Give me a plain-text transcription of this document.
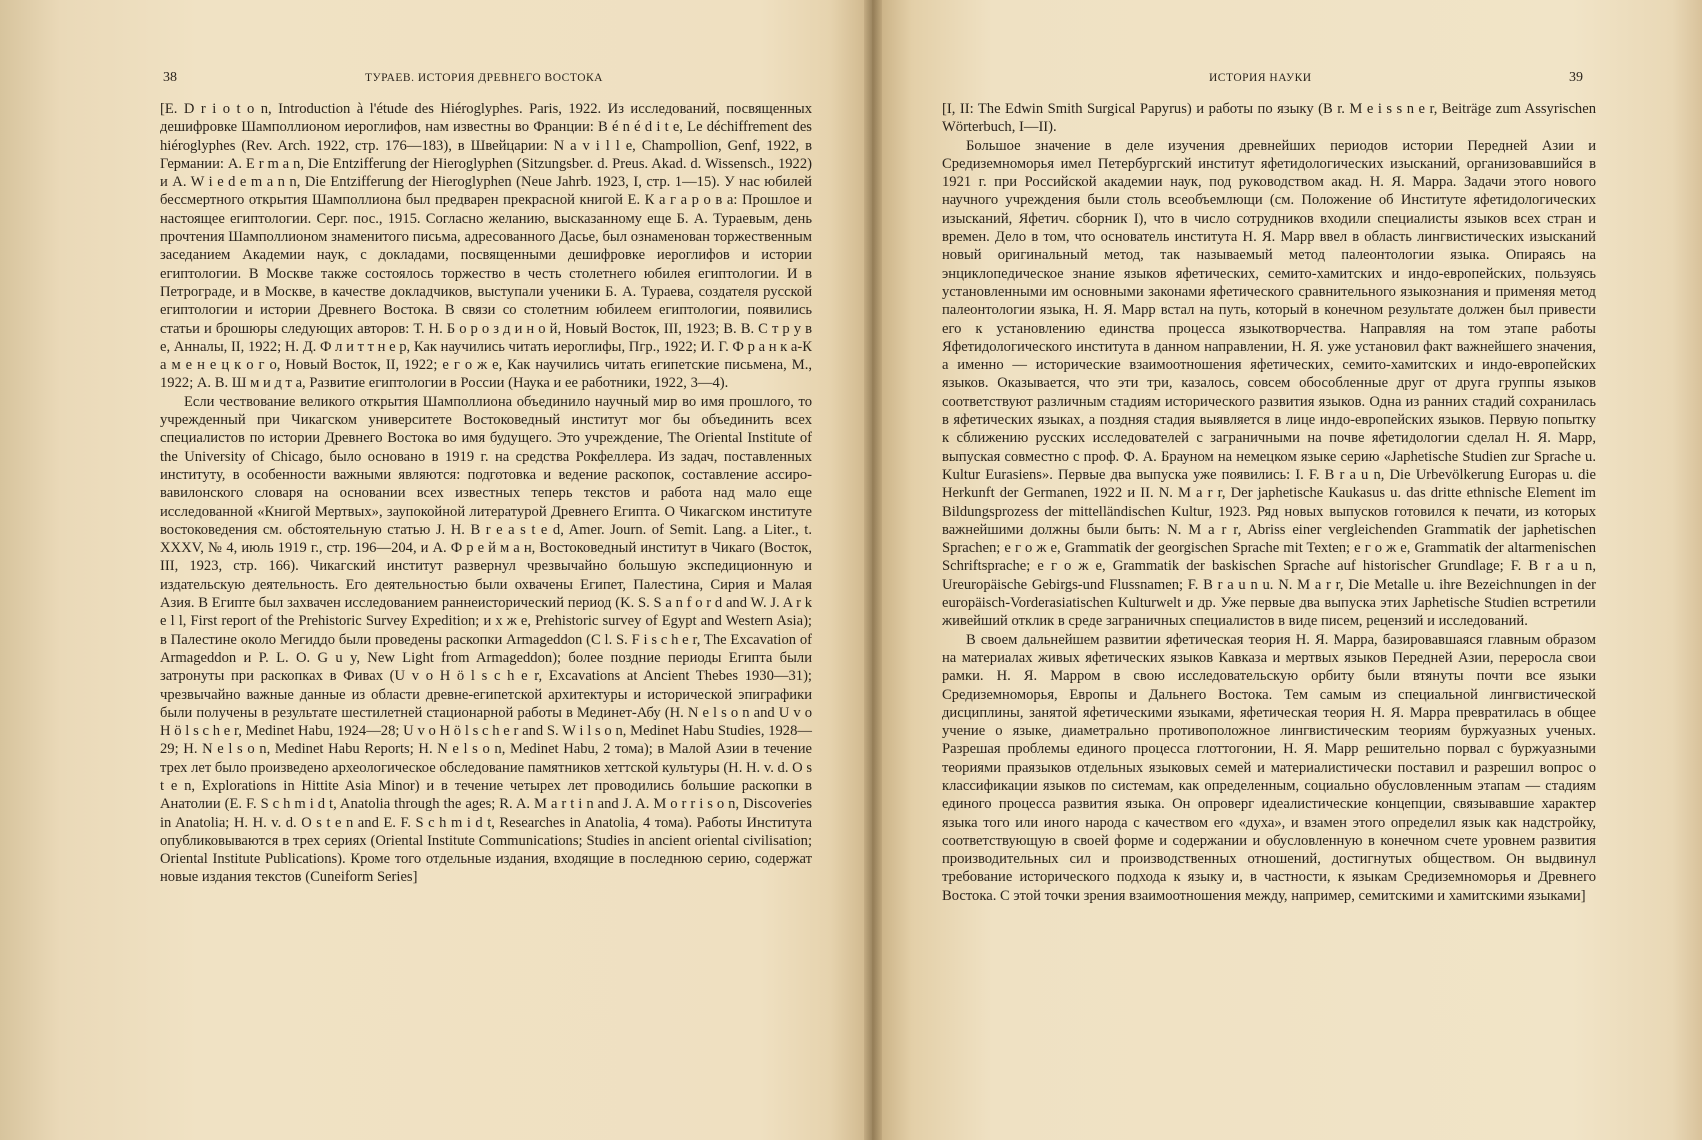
38	ТУРАЕВ. ИСТОРИЯ ДРЕВНЕГО ВОСТОКА

[E. D r i o t o n, Introduction à l'étude des Hiéroglyphes. Paris, 1922. Из исследований, посвященных дешифровке Шамполлионом иероглифов, нам известны во Франции: B é n é d i t e, Le déchiffrement des hiéroglyphes (Rev. Arch. 1922, стр. 176—183), в Швейцарии: N a v i l l e, Champollion, Genf, 1922, в Германии: A. E r m a n, Die Entzifferung der Hieroglyphen (Sitzungsber. d. Preus. Akad. d. Wissensch., 1922) и A. W i e d e m a n n, Die Entzifferung der Hieroglyphen (Neue Jahrb. 1923, I, стр. 1—15). У нас юбилей бессмертного открытия Шамполлиона был предварен прекрасной книгой Е. К а г а р о в а: Прошлое и настоящее египтологии. Серг. пос., 1915. Согласно желанию, высказанному еще Б. А. Тураевым, день прочтения Шамполлионом знаменитого письма, адресованного Дасье, был ознаменован торжественным заседанием Академии наук, с докладами, посвященными дешифровке иероглифов и истории египтологии. В Москве также состоялось торжество в честь столетнего юбилея египтологии. И в Петрограде, и в Москве, в качестве докладчиков, выступали ученики Б. А. Тураева, создателя русской египтологии и истории Древнего Востока. В связи со столетним юбилеем египтологии, появились статьи и брошюры следующих авторов: Т. Н. Б о р о з д и н о й, Новый Восток, III, 1923; В. В. С т р у в е, Анналы, II, 1922; Н. Д. Ф л и т т н е р, Как научились читать иероглифы, Пгр., 1922; И. Г. Ф р а н к а-К а м е н е ц к о г о, Новый Восток, II, 1922; е г о ж е, Как научились читать египетские письмена, М., 1922; А. В. Ш м и д т а, Развитие египтологии в России (Наука и ее работники, 1922, 3—4).

Если чествование великого открытия Шамполлиона объединило научный мир во имя прошлого, то учрежденный при Чикагском университете Востоковедный институт мог бы объединить всех специалистов по истории Древнего Востока во имя будущего. Это учреждение, The Oriental Institute of the University of Chicago, было основано в 1919 г. на средства Рокфеллера. Из задач, поставленных институту, в особенности важными являются: подготовка и ведение раскопок, составление ассиро-вавилонского словаря на основании всех известных теперь текстов и работа над мало еще исследованной «Книгой Мертвых», заупокойной литературой Древнего Египта. О Чикагском институте востоковедения см. обстоятельную статью J. H. B r e a s t e d, Amer. Journ. of Semit. Lang. a Liter., t. XXXV, № 4, июль 1919 г., стр. 196—204, и А. Ф р е й м а н, Востоковедный институт в Чикаго (Восток, III, 1923, стр. 166). Чикагский институт развернул чрезвычайно большую экспедиционную и издательскую деятельность. Его деятельностью были охвачены Египет, Палестина, Сирия и Малая Азия. В Египте был захвачен исследованием раннеисторический период (K. S. S a n f o r d and W. J. A r k e l l, First report of the Prehistoric Survey Expedition; и х ж е, Prehistoric survey of Egypt and Western Asia); в Палестине около Мегиддо были проведены раскопки Armageddon (C l. S. F i s c h e r, The Excavation of Armageddon и P. L. O. G u y, New Light from Armageddon); более поздние периоды Египта были затронуты при раскопках в Фивах (U v o H ö l s c h e r, Excavations at Ancient Thebes 1930—31); чрезвычайно важные данные из области древне-египетской архитектуры и исторической эпиграфики были получены в результате шестилетней стационарной работы в Мединет-Абу (H. N e l s o n and U v o H ö l s c h e r, Medinet Habu, 1924—28; U v o H ö l s c h e r and S. W i l s o n, Medinet Habu Studies, 1928—29; H. N e l s o n, Medinet Habu Reports; H. N e l s o n, Medinet Habu, 2 тома); в Малой Азии в течение трех лет было произведено археологическое обследование памятников хеттской культуры (H. H. v. d. O s t e n, Explorations in Hittite Asia Minor) и в течение четырех лет проводились большие раскопки в Анатолии (E. F. S c h m i d t, Anatolia through the ages; R. A. M a r t i n and J. A. M o r r i s o n, Discoveries in Anatolia; H. H. v. d. O s t e n and E. F. S c h m i d t, Researches in Anatolia, 4 тома). Работы Института опубликовываются в трех сериях (Oriental Institute Communications; Studies in ancient oriental civilisation; Oriental Institute Publications). Кроме того отдельные издания, входящие в последнюю серию, содержат новые издания текстов (Cuneiform Series]

39
ИСТОРИЯ НАУКИ

[I, II: The Edwin Smith Surgical Papyrus) и работы по языку (B r. M e i s s n e r, Beiträge zum Assyrischen Wörterbuch, I—II).

Большое значение в деле изучения древнейших периодов истории Передней Азии и Средиземноморья имел Петербургский институт яфетидологических изысканий, организовавшийся в 1921 г. при Российской академии наук, под руководством акад. Н. Я. Марра. Задачи этого нового научного учреждения были столь всеобъемлющи (см. Положение об Институте яфетидологических изысканий, Яфетич. сборник I), что в число сотрудников входили специалисты языков всех стран и времен. Дело в том, что основатель института Н. Я. Марр ввел в область лингвистических изысканий новый оригинальный метод, так называемый метод палеонтологии языка. Опираясь на энциклопедическое знание языков яфетических, семито-хамитских и индо-европейских, пользуясь установленными им основными законами яфетического сравнительного языкознания и применяя метод палеонтологии языка, Н. Я. Марр встал на путь, который в конечном результате должен был привести его к установлению единства процесса языкотворчества. Направляя на том этапе работы Яфетидологического института в данном направлении, Н. Я. уже установил факт важнейшего значения, а именно — исторические взаимоотношения яфетических, семито-хамитских и индо-европейских языков. Оказывается, что эти три, казалось, совсем обособленные друг от друга группы языков соответствуют различным стадиям исторического развития языков. Одна из ранних стадий сохранилась в яфетических языках, а поздняя стадия выявляется в лице индо-европейских языков. Первую попытку к сближению русских исследователей с заграничными на почве яфетидологии сделал Н. Я. Марр, выпуская совместно с проф. Ф. А. Брауном на немецком языке серию «Japhetische Studien zur Sprache u. Kultur Eurasiens». Первые два выпуска уже появились: I. F. B r a u n, Die Urbevölkerung Europas u. die Herkunft der Germanen, 1922 и II. N. M a r r, Der japhetische Kaukasus u. das dritte ethnische Element im Bildungsprozess der mittelländischen Kultur, 1923. Ряд новых выпусков готовился к печати, из которых важнейшими должны были быть: N. M a r r, Abriss einer vergleichenden Grammatik der japhetischen Sprachen; е г о ж е, Grammatik der georgischen Sprache mit Texten; е г о ж е, Grammatik der altarmenischen Schriftsprache; е г о ж е, Grammatik der baskischen Sprache auf historischer Grundlage; F. B r a u n, Ureuropäische Gebirgs-und Flussnamen; F. B r a u n u. N. M a r r, Die Metalle u. ihre Bezeichnungen in der europäisch-Vorderasiatischen Kulturwelt и др. Уже первые два выпуска этих Japhetische Studien встретили живейший отклик в среде заграничных специалистов в виде писем, рецензий и исследований.

В своем дальнейшем развитии яфетическая теория Н. Я. Марра, базировавшаяся главным образом на материалах живых яфетических языков Кавказа и мертвых языков Передней Азии, переросла свои рамки. Н. Я. Марром в свою исследовательскую орбиту были втянуты почти все языки Средиземноморья, Европы и Дальнего Востока. Тем самым из специальной лингвистической дисциплины, занятой яфетическими языками, яфетическая теория Н. Я. Марра превратилась в общее учение о языке, диаметрально противоположное лингвистическим теориям буржуазных ученых. Разрешая проблемы единого процесса глоттогонии, Н. Я. Марр решительно порвал с буржуазными теориями праязыков отдельных языковых семей и материалистически поставил и разрешил вопрос о классификации языков по системам, как определенным, социально обусловленным этапам — стадиям единого процесса развития языка. Он опроверг идеалистические концепции, связывавшие характер языка того или иного народа с качеством его «духа», и взамен этого определил язык как надстройку, соответствующую в своей форме и содержании и обусловленную в конечном счете уровнем развития производительных сил и производственных отношений, достигнутых обществом. Он выдвинул требование исторического подхода к языку и, в частности, к языкам Средиземноморья и Древнего Востока. С этой точки зрения взаимоотношения между, например, семитскими и хамитскими языками]
